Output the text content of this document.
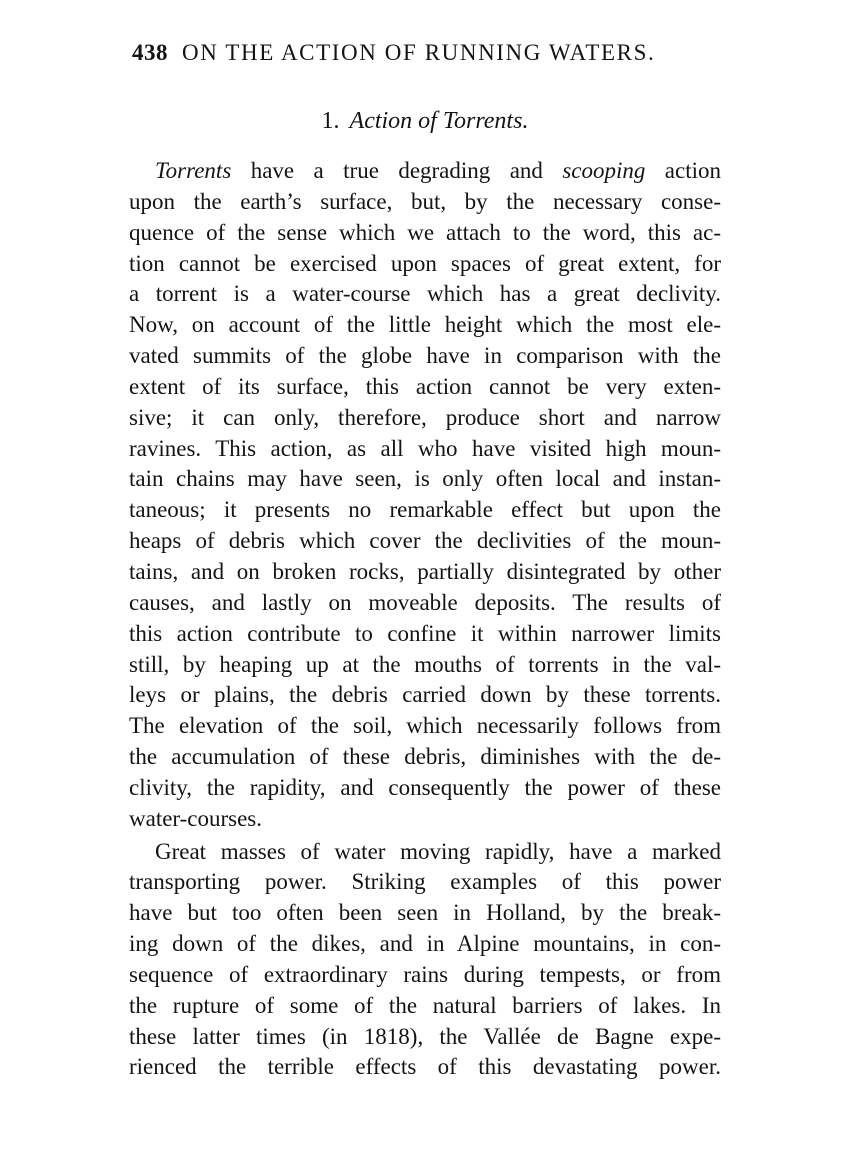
438 ON THE ACTION OF RUNNING WATERS.
1. Action of Torrents.
Torrents have a true degrading and scooping action
upon the earth’s surface, but, by the necessary conse-
quence of the sense which we attach to the word, this ac-
tion cannot be exercised upon spaces of great extent, for
a torrent is a water-course which has a great declivity.
Now, on account of the little height which the most ele-
vated summits of the globe have in comparison with the
extent of its surface, this action cannot be very exten-
sive; it can only, therefore, produce short and narrow
ravines. This action, as all who have visited high moun-
tain chains may have seen, is only often local and instan-
taneous; it presents no remarkable effect but upon the
heaps of debris which cover the declivities of the moun-
tains, and on broken rocks, partially disintegrated by other
causes, and lastly on moveable deposits. The results of
this action contribute to confine it within narrower limits
still, by heaping up at the mouths of torrents in the val-
leys or plains, the debris carried down by these torrents.
The elevation of the soil, which necessarily follows from
the accumulation of these debris, diminishes with the de-
clivity, the rapidity, and consequently the power of these
water-courses.
Great masses of water moving rapidly, have a marked
transporting power. Striking examples of this power
have but too often been seen in Holland, by the break-
ing down of the dikes, and in Alpine mountains, in con-
sequence of extraordinary rains during tempests, or from
the rupture of some of the natural barriers of lakes. In
these latter times (in 1818), the Vallée de Bagne expe-
rienced the terrible effects of this devastating power.
